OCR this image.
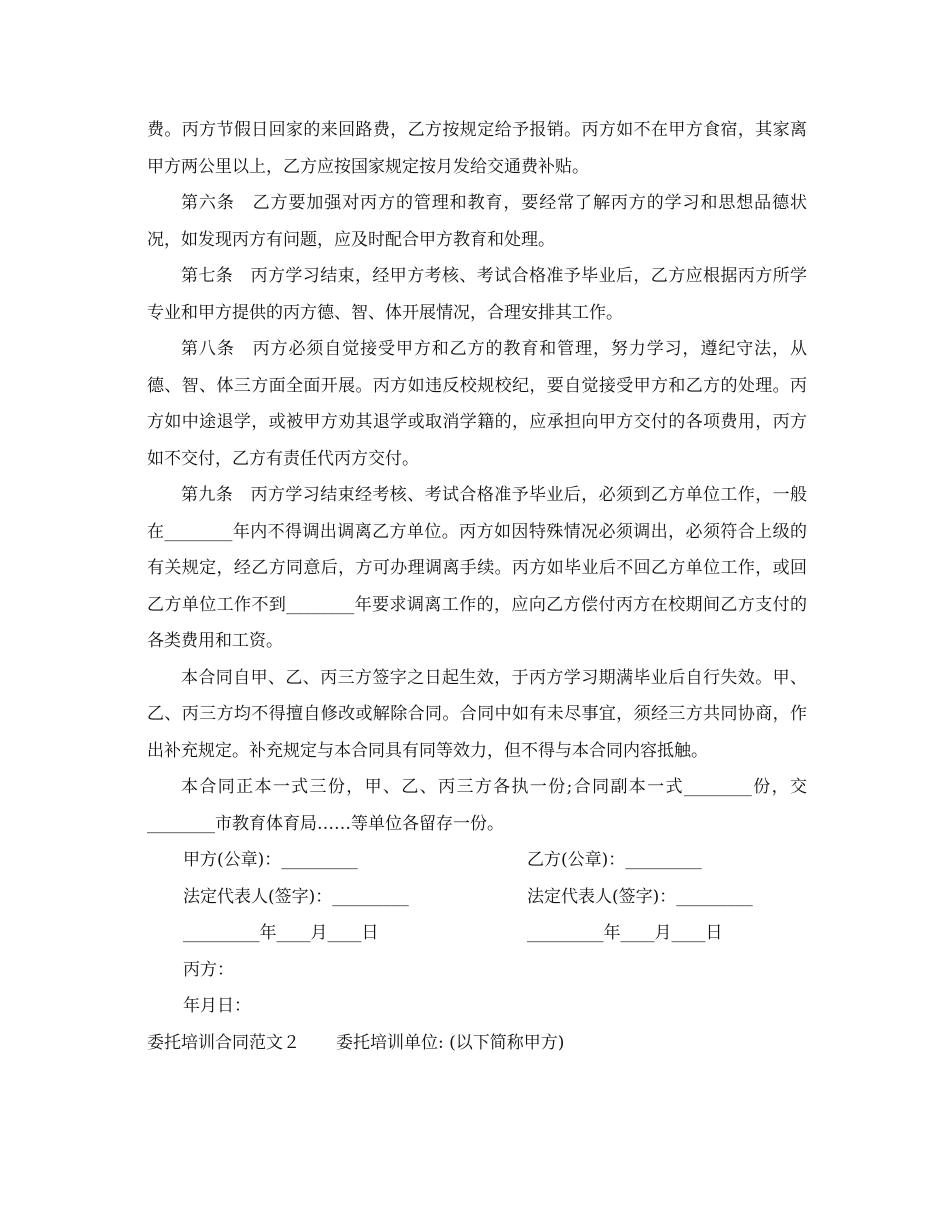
费。丙方节假日回家的来回路费，乙方按规定给予报销。丙方如不在甲方食宿，其家离甲方两公里以上，乙方应按国家规定按月发给交通费补贴。

第六条　乙方要加强对丙方的管理和教育，要经常了解丙方的学习和思想品德状况，如发现丙方有问题，应及时配合甲方教育和处理。

第七条　丙方学习结束，经甲方考核、考试合格准予毕业后，乙方应根据丙方所学专业和甲方提供的丙方德、智、体开展情况，合理安排其工作。

第八条　丙方必须自觉接受甲方和乙方的教育和管理，努力学习，遵纪守法，从德、智、体三方面全面开展。丙方如违反校规校纪，要自觉接受甲方和乙方的处理。丙方如中途退学，或被甲方劝其退学或取消学籍的，应承担向甲方交付的各项费用，丙方如不交付，乙方有责任代丙方交付。

第九条　丙方学习结束经考核、考试合格准予毕业后，必须到乙方单位工作，一般在________年内不得调出调离乙方单位。丙方如因特殊情况必须调出，必须符合上级的有关规定，经乙方同意后，方可办理调离手续。丙方如毕业后不回乙方单位工作，或回乙方单位工作不到________年要求调离工作的，应向乙方偿付丙方在校期间乙方支付的各类费用和工资。

本合同自甲、乙、丙三方签字之日起生效，于丙方学习期满毕业后自行失效。甲、乙、丙三方均不得擅自修改或解除合同。合同中如有未尽事宜，须经三方共同协商，作出补充规定。补充规定与本合同具有同等效力，但不得与本合同内容抵触。

本合同正本一式三份，甲、乙、丙三方各执一份;合同副本一式________份，交________市教育体育局……等单位各留存一份。

甲方(公章)：_________	乙方(公章)：_________
法定代表人(签字)：_________	法定代表人(签字)：_________
_________年____月____日	_________年____月____日

丙方：

年月日：

委托培训合同范文２ 委托培训单位: (以下简称甲方)
